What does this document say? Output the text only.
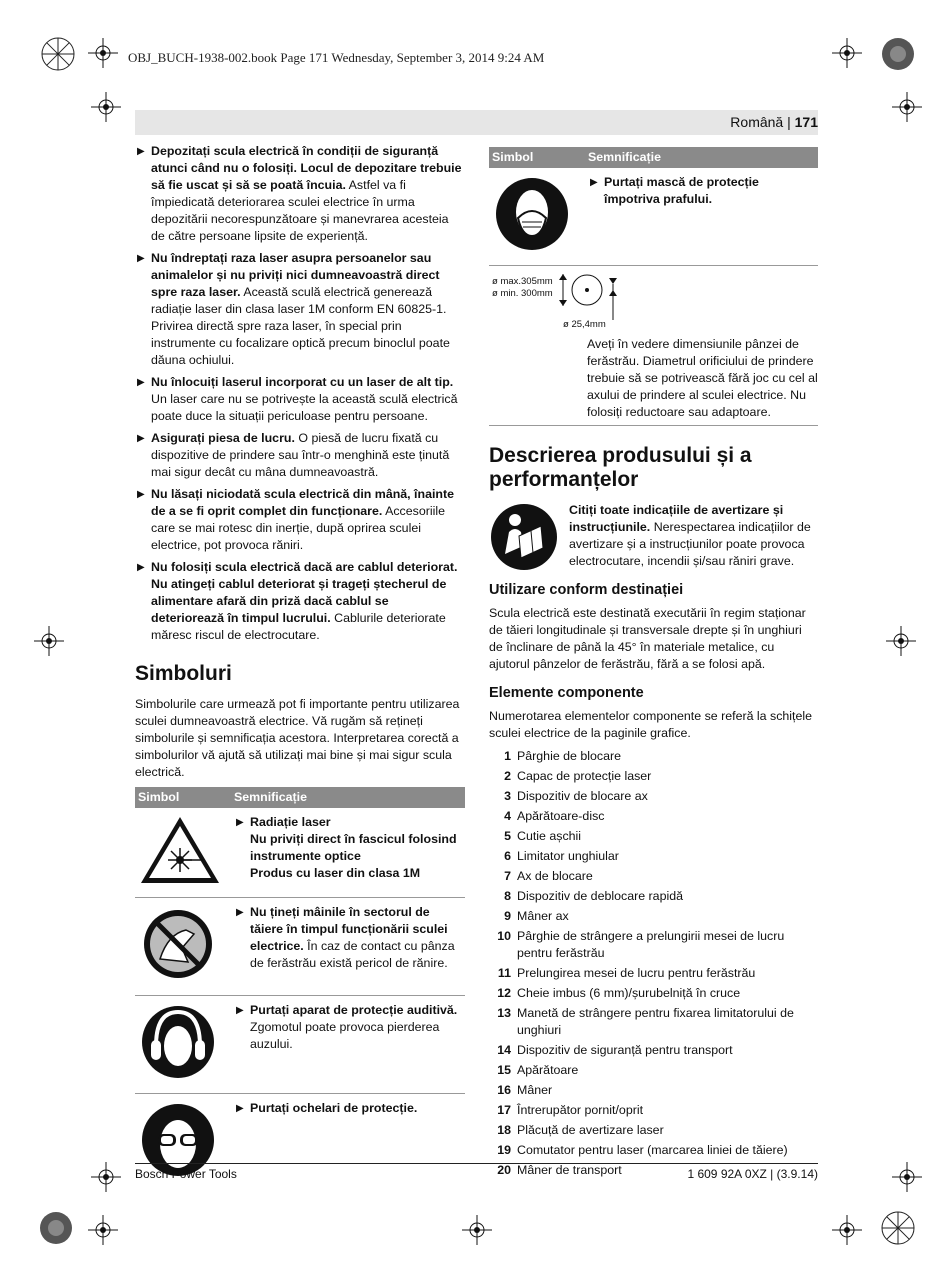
OBJ_BUCH-1938-002.book Page 171 Wednesday, September 3, 2014 9:24 AM
Română | 171
▶ Depozitați scula electrică în condiții de siguranță atunci când nu o folosiți. Locul de depozitare trebuie să fie uscat și să se poată încuia. Astfel va fi împiedicată deteriorarea sculei electrice în urma depozitării necorespunzătoare și manevrarea acesteia de către persoane lipsite de experiență.
▶ Nu îndreptați raza laser asupra persoanelor sau animalelor și nu priviți nici dumneavoastră direct spre raza laser. Această sculă electrică generează radiație laser din clasa laser 1M conform EN 60825-1. Privirea directă spre raza laser, în special prin instrumente cu focalizare optică precum binoclul poate dăuna ochiului.
▶ Nu înlocuiți laserul incorporat cu un laser de alt tip. Un laser care nu se potrivește la această sculă electrică poate duce la situații periculoase pentru persoane.
▶ Asigurați piesa de lucru. O piesă de lucru fixată cu dispozitive de prindere sau într-o menghină este ținută mai sigur decât cu mâna dumneavoastră.
▶ Nu lăsați niciodată scula electrică din mână, înainte de a se fi oprit complet din funcționare. Accesoriile care se mai rotesc din inerție, după oprirea sculei electrice, pot provoca răniri.
▶ Nu folosiți scula electrică dacă are cablul deteriorat. Nu atingeți cablul deteriorat și trageți ștecherul de alimentare afară din priză dacă cablul se deteriorează în timpul lucrului. Cablurile deteriorate măresc riscul de electrocutare.
Simboluri

Simbolurile care urmează pot fi importante pentru utilizarea sculei dumneavoastră electrice. Vă rugăm să rețineți simbolurile și semnificația acestora. Interpretarea corectă a simbolurilor vă ajută să utilizați mai bine și mai sigur scula electrică.

Simbol	Semnificație

▶ Radiație laser
Nu priviți direct în fascicul folosind instrumente optice
Produs cu laser din clasa 1M

▶ Nu țineți mâinile în sectorul de tăiere în timpul funcționării sculei electrice. În caz de contact cu pânza de ferăstrău există pericol de rănire.

▶ Purtați aparat de protecție auditivă. Zgomotul poate provoca pierderea auzului.

▶ Purtați ochelari de protecție.
Simbol	Semnificație

▶ Purtați mască de protecție împotriva prafului.
ø max.305mm
ø min. 300mm
ø 25,4mm
Aveți în vedere dimensiunile pânzei de ferăstrău. Diametrul orificiului de prindere trebuie să se potrivească fără joc cu cel al axului de prindere al sculei electrice. Nu folosiți reductoare sau adaptoare.
Descrierea produsului și a performanțelor
Citiți toate indicațiile de avertizare și instrucțiunile. Nerespectarea indicațiilor de avertizare și a instrucțiunilor poate provoca electrocutare, incendii și/sau răniri grave.
Utilizare conform destinației

Scula electrică este destinată executării în regim staționar de tăieri longitudinale și transversale drepte și în unghiuri de înclinare de până la 45° în materiale metalice, cu ajutorul pânzelor de ferăstrău, fără a se folosi apă.

Elemente componente

Numerotarea elementelor componente se referă la schițele sculei electrice de la paginile grafice.

1 Pârghie de blocare
2 Capac de protecție laser
3 Dispozitiv de blocare ax
4 Apărătoare-disc
5 Cutie așchii
6 Limitator unghiular
7 Ax de blocare
8 Dispozitiv de deblocare rapidă
9 Mâner ax
10 Pârghie de strângere a prelungirii mesei de lucru pentru ferăstrău
11 Prelungirea mesei de lucru pentru ferăstrău
12 Cheie imbus (6 mm)/șurubelniță în cruce
13 Manetă de strângere pentru fixarea limitatorului de unghiuri
14 Dispozitiv de siguranță pentru transport
15 Apărătoare
16 Mâner
17 Întrerupător pornit/oprit
18 Plăcuță de avertizare laser
19 Comutator pentru laser (marcarea liniei de tăiere)
20 Mâner de transport
Bosch Power Tools	1 609 92A 0XZ | (3.9.14)
